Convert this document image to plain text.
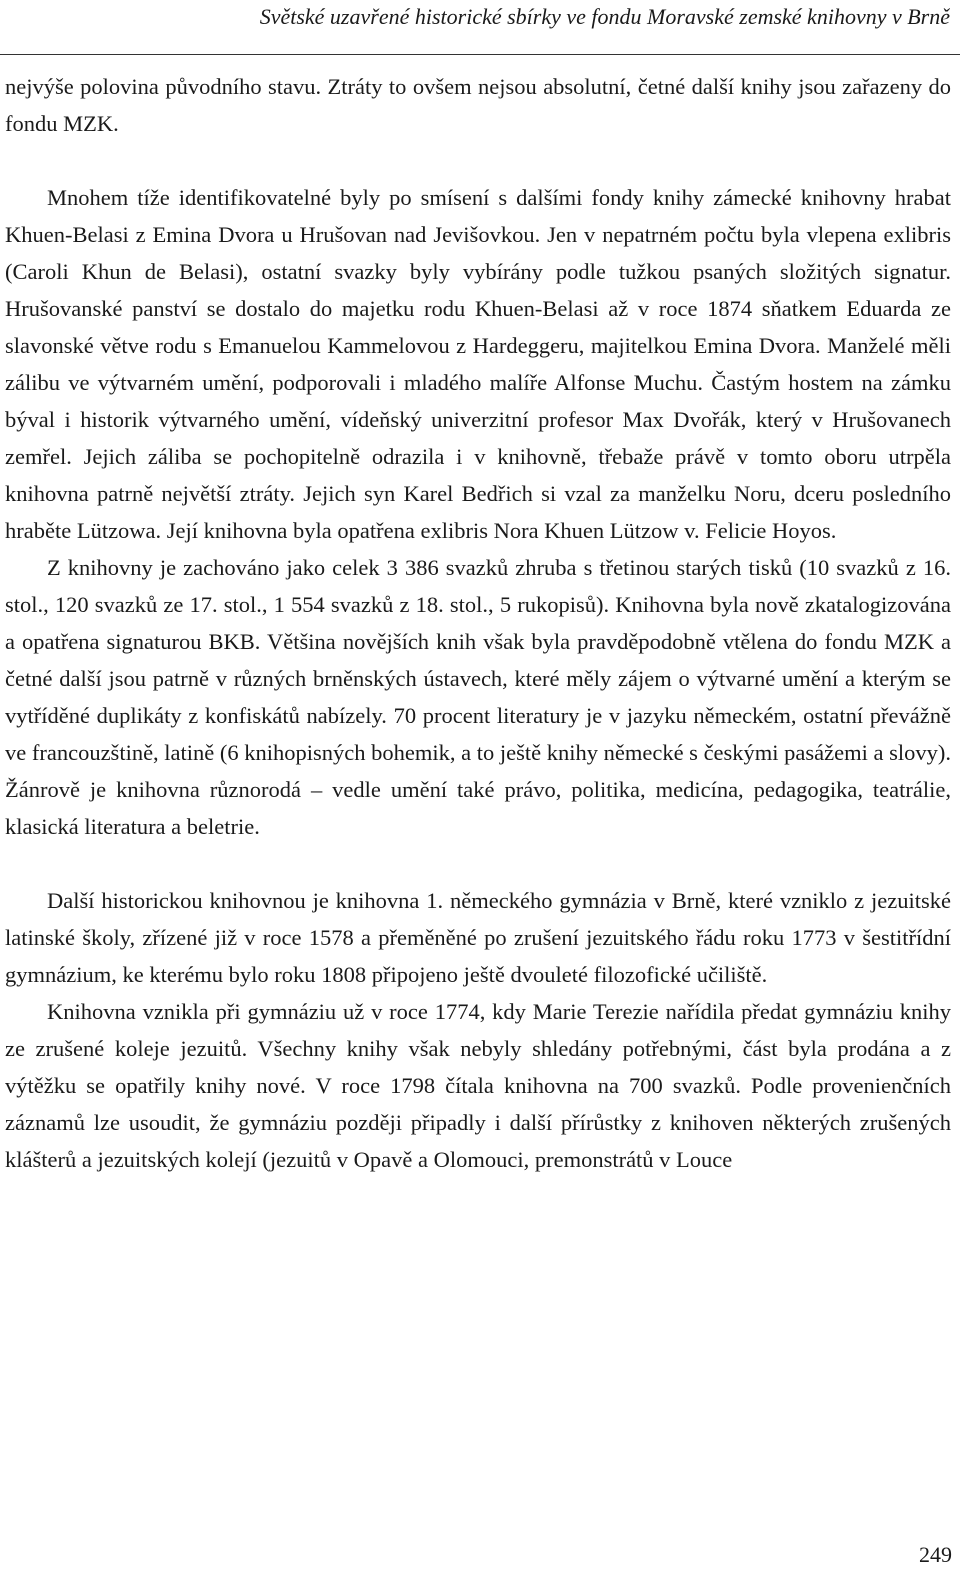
Světské uzavřené historické sbírky ve fondu Moravské zemské knihovny v Brně

nejvýše polovina původního stavu. Ztráty to ovšem nejsou absolutní, četné další knihy jsou zařazeny do fondu MZK.

Mnohem tíže identifikovatelné byly po smísení s dalšími fondy knihy zámecké knihovny hrabat Khuen-Belasi z Emina Dvora u Hrušovan nad Jevišovkou. Jen v nepatrném počtu byla vlepena exlibris (Caroli Khun de Belasi), ostatní svazky byly vybírány podle tužkou psaných složitých signatur. Hrušovanské panství se dostalo do majetku rodu Khuen-Belasi až v roce 1874 sňatkem Eduarda ze slavonské větve rodu s Emanuelou Kammelovou z Hardeggeru, majitelkou Emina Dvora. Manželé měli zálibu ve výtvarném umění, podporovali i mladého malíře Alfonse Muchu. Častým hostem na zámku býval i historik výtvarného umění, vídeňský univerzitní profesor Max Dvořák, který v Hrušovanech zemřel. Jejich záliba se pochopitelně odrazila i v knihovně, třebaže právě v tomto oboru utrpěla knihovna patrně největší ztráty. Jejich syn Karel Bedřich si vzal za manželku Noru, dceru posledního hraběte Lützowa. Její knihovna byla opatřena exlibris Nora Khuen Lützow v. Felicie Hoyos.

Z knihovny je zachováno jako celek 3 386 svazků zhruba s třetinou starých tisků (10 svazků z 16. stol., 120 svazků ze 17. stol., 1 554 svazků z 18. stol., 5 rukopisů). Knihovna byla nově zkatalogizována a opatřena signaturou BKB. Většina novějších knih však byla pravděpodobně vtělena do fondu MZK a četné další jsou patrně v různých brněnských ústavech, které měly zájem o výtvarné umění a kterým se vytříděné duplikáty z konfiskátů nabízely. 70 procent literatury je v jazyku německém, ostatní převážně ve francouzštině, latině (6 knihopisných bohemik, a to ještě knihy německé s českými pasážemi a slovy). Žánrově je knihovna různorodá – vedle umění také právo, politika, medicína, pedagogika, teatrálie, klasická literatura a beletrie.

Další historickou knihovnou je knihovna 1. německého gymnázia v Brně, které vzniklo z jezuitské latinské školy, zřízené již v roce 1578 a přeměněné po zrušení jezuitského řádu roku 1773 v šestitřídní gymnázium, ke kterému bylo roku 1808 připojeno ještě dvouleté filozofické učiliště.

Knihovna vznikla při gymnáziu už v roce 1774, kdy Marie Terezie nařídila předat gymnáziu knihy ze zrušené koleje jezuitů. Všechny knihy však nebyly shledány potřebnými, část byla prodána a z výtěžku se opatřily knihy nové. V roce 1798 čítala knihovna na 700 svazků. Podle provenienčních záznamů lze usoudit, že gymnáziu později připadly i další přírůstky z knihoven některých zrušených klášterů a jezuitských kolejí (jezuitů v Opavě a Olomouci, premonstrátů v Louce

249
